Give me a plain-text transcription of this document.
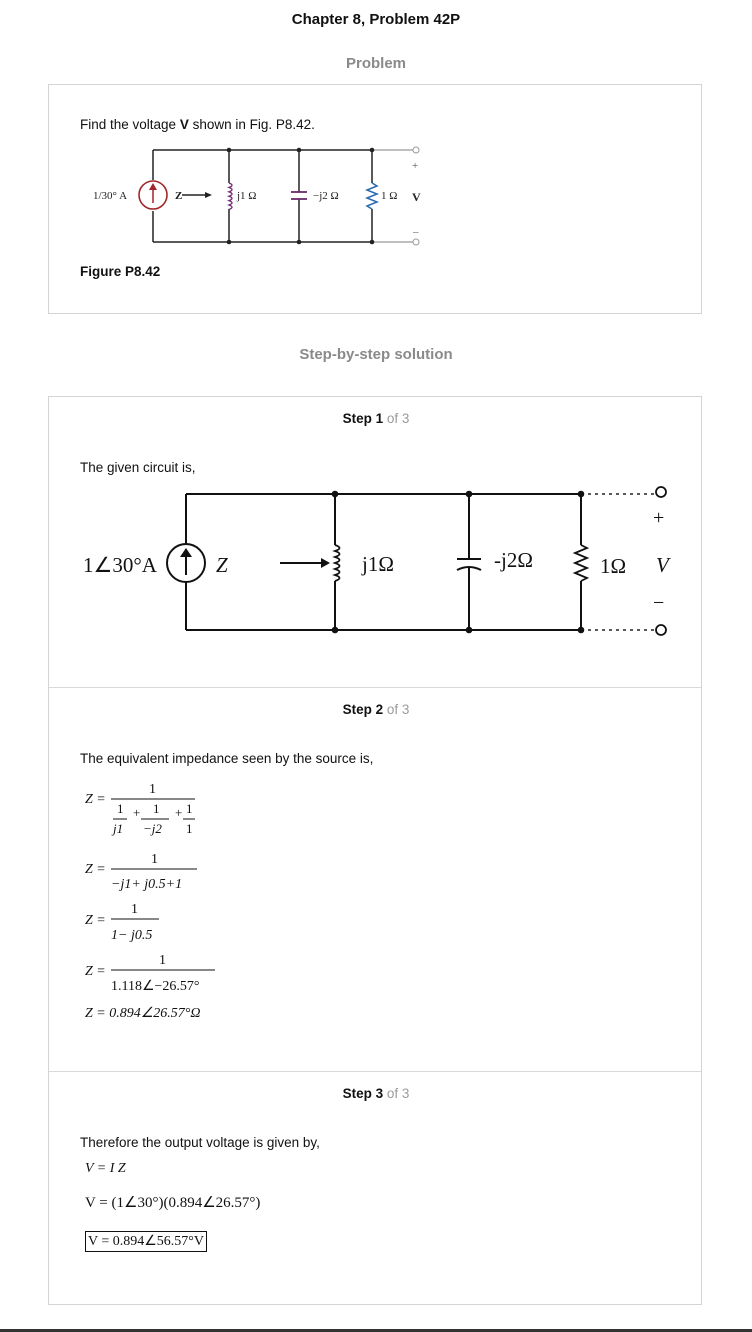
Chapter 8, Problem 42P
Problem
Find the voltage V shown in Fig. P8.42.
1/30° A	Z	j1 Ω	−j2 Ω	1 Ω V
+
–
Figure P8.42
Step-by-step solution
Step 1 of 3
The given circuit is,
1∠30°A	Z	j1Ω	-j2Ω	1Ω V
+
−
Step 2 of 3
The equivalent impedance seen by the source is,
Z =
1
1 + 1 + 1
j1 −j2 1
Z =
1
−j1+ j0.5+1
Z =
1
1− j0.5
Z =
1
1.118∠−26.57°
Z = 0.894∠26.57°Ω
Step 3 of 3
Therefore the output voltage is given by,
V = I Z
V = (1∠30°)(0.894∠26.57°)
V = 0.894∠56.57°V
